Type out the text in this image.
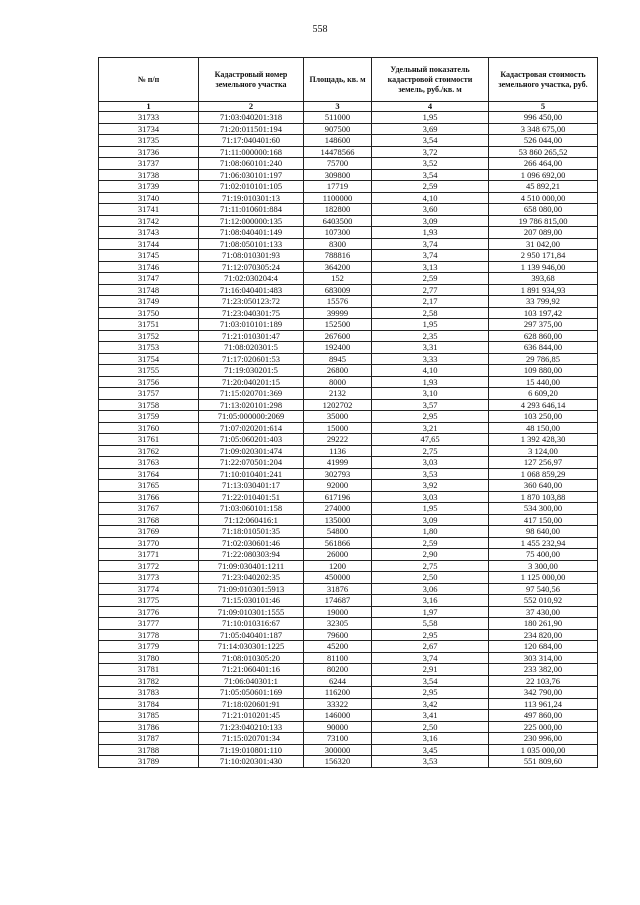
558
№ п/п	Кадастровый номер земельного участка	Площадь, кв. м	Удельный показатель кадастровой стоимости земель, руб./кв. м	Кадастровая стоимость земельного участка, руб.
1	2	3	4	5
31733	71:03:040201:318	511000	1,95	996 450,00
31734	71:20:011501:194	907500	3,69	3 348 675,00
31735	71:17:040401:60	148600	3,54	526 044,00
31736	71:11:000000:168	14478566	3,72	53 860 265,52
31737	71:08:060101:240	75700	3,52	266 464,00
31738	71:06:030101:197	309800	3,54	1 096 692,00
31739	71:02:010101:105	17719	2,59	45 892,21
31740	71:19:010301:13	1100000	4,10	4 510 000,00
31741	71:11:010601:884	182800	3,60	658 080,00
31742	71:12:000000:135	6403500	3,09	19 786 815,00
31743	71:08:040401:149	107300	1,93	207 089,00
31744	71:08:050101:133	8300	3,74	31 042,00
31745	71:08:010301:93	788816	3,74	2 950 171,84
31746	71:12:070305:24	364200	3,13	1 139 946,00
31747	71:02:030204:4	152	2,59	393,68
31748	71:16:040401:483	683009	2,77	1 891 934,93
31749	71:23:050123:72	15576	2,17	33 799,92
31750	71:23:040301:75	39999	2,58	103 197,42
31751	71:03:010101:189	152500	1,95	297 375,00
31752	71:21:010301:47	267600	2,35	628 860,00
31753	71:08:020301:5	192400	3,31	636 844,00
31754	71:17:020601:53	8945	3,33	29 786,85
31755	71:19:030201:5	26800	4,10	109 880,00
31756	71:20:040201:15	8000	1,93	15 440,00
31757	71:15:020701:369	2132	3,10	6 609,20
31758	71:13:020101:298	1202702	3,57	4 293 646,14
31759	71:05:000000:2069	35000	2,95	103 250,00
31760	71:07:020201:614	15000	3,21	48 150,00
31761	71:05:060201:403	29222	47,65	1 392 428,30
31762	71:09:020301:474	1136	2,75	3 124,00
31763	71:22:070501:204	41999	3,03	127 256,97
31764	71:10:010401:241	302793	3,53	1 068 859,29
31765	71:13:030401:17	92000	3,92	360 640,00
31766	71:22:010401:51	617196	3,03	1 870 103,88
31767	71:03:060101:158	274000	1,95	534 300,00
31768	71:12:060416:1	135000	3,09	417 150,00
31769	71:18:010501:35	54800	1,80	98 640,00
31770	71:02:030601:46	561866	2,59	1 455 232,94
31771	71:22:080303:94	26000	2,90	75 400,00
31772	71:09:030401:1211	1200	2,75	3 300,00
31773	71:23:040202:35	450000	2,50	1 125 000,00
31774	71:09:010301:5913	31876	3,06	97 540,56
31775	71:15:030101:46	174687	3,16	552 010,92
31776	71:09:010301:1555	19000	1,97	37 430,00
31777	71:10:010316:67	32305	5,58	180 261,90
31778	71:05:040401:187	79600	2,95	234 820,00
31779	71:14:030301:1225	45200	2,67	120 684,00
31780	71:08:010305:20	81100	3,74	303 314,00
31781	71:21:060401:16	80200	2,91	233 382,00
31782	71:06:040301:1	6244	3,54	22 103,76
31783	71:05:050601:169	116200	2,95	342 790,00
31784	71:18:020601:91	33322	3,42	113 961,24
31785	71:21:010201:45	146000	3,41	497 860,00
31786	71:23:040210:133	90000	2,50	225 000,00
31787	71:15:020701:34	73100	3,16	230 996,00
31788	71:19:010801:110	300000	3,45	1 035 000,00
31789	71:10:020301:430	156320	3,53	551 809,60
